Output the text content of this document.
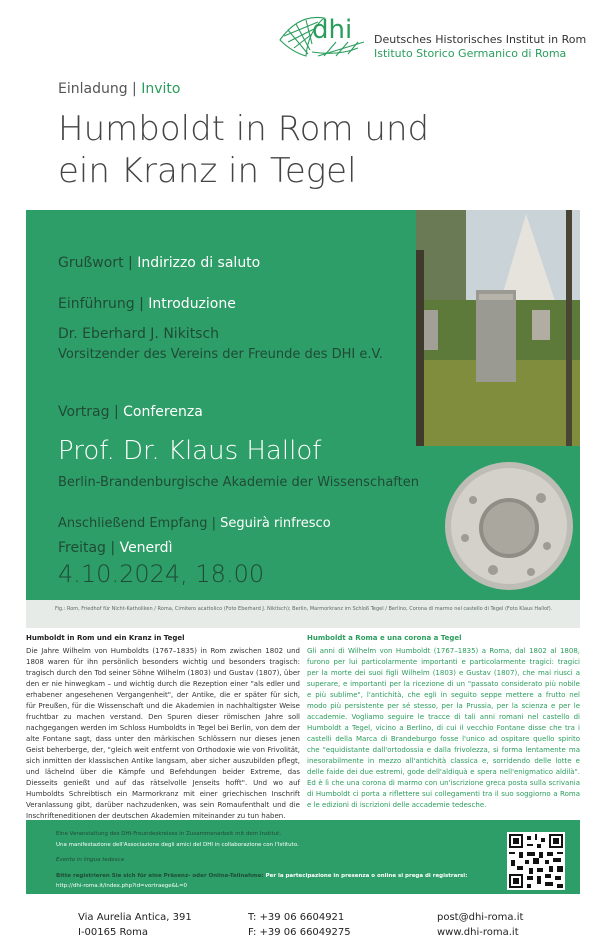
dhi Deutsches Historisches Institut in Rom
Istituto Storico Germanico di Roma
Einladung | Invito
Humboldt in Rom und ein Kranz in Tegel
Grußwort | Indirizzo di saluto
Einführung | Introduzione
Dr. Eberhard J. Nikitsch
Vorsitzender des Vereins der Freunde des DHI e.V.
Vortrag | Conferenza
Prof. Dr. Klaus Hallof
Berlin-Brandenburgische Akademie der Wissenschaften
Anschließend Empfang | Seguirà rinfresco
Freitag | Venerdì
4.10.2024, 18.00
Fig.: Rom, Friedhof für Nicht-Katholiken / Roma, Cimitero acattolico (Foto Eberhard J. Nikitsch); Berlin, Marmorkranz im Schloß Tegel / Berlino, Corona di marmo nel castello di Tegel (Foto Klaus Hallof).
Humboldt in Rom und ein Kranz in Tegel
Die Jahre Wilhelm von Humboldts (1767–1835) in Rom zwischen 1802 und 1808 waren für ihn persönlich besonders wichtig und besonders tragisch: tragisch durch den Tod seiner Söhne Wilhelm (1803) und Gustav (1807), über den er nie hinwegkam – und wichtig durch die Rezeption einer "als edler und erhabener angesehenen Vergangenheit", der Antike, die er später für sich, für Preußen, für die Wissenschaft und die Akademien in nachhaltigster Weise fruchtbar zu machen verstand. Den Spuren dieser römischen Jahre soll nachgegangen werden im Schloss Humboldts in Tegel bei Berlin, von dem der alte Fontane sagt, dass unter den märkischen Schlössern nur dieses jenen Geist beherberge, der, "gleich weit entfernt von Orthodoxie wie von Frivolität, sich inmitten der klassischen Antike langsam, aber sicher auszubilden pflegt, und lächelnd über die Kämpfe und Befehdungen beider Extreme, das Diesseits genießt und auf das rätselvolle Jenseits hofft". Und wo auf Humboldts Schreibtisch ein Marmorkranz mit einer griechischen Inschrift Veranlassung gibt, darüber nachzudenken, was sein Romaufenthalt und die Inschrifteneditionen der deutschen Akademien miteinander zu tun haben.
Humboldt a Roma e una corona a Tegel
Gli anni di Wilhelm von Humboldt (1767–1835) a Roma, dal 1802 al 1808, furono per lui particolarmente importanti e particolarmente tragici: tragici per la morte dei suoi figli Wilhelm (1803) e Gustav (1807), che mai riuscì a superare, e importanti per la ricezione di un "passato considerato più nobile e più sublime", l'antichità, che egli in seguito seppe mettere a frutto nel modo più persistente per sé stesso, per la Prussia, per la scienza e per le accademie. Vogliamo seguire le tracce di tali anni romani nel castello di Humboldt a Tegel, vicino a Berlino, di cui il vecchio Fontane disse che tra i castelli della Marca di Brandeburgo fosse l'unico ad ospitare quello spirito che "equidistante dall'ortodossia e dalla frivolezza, si forma lentamente ma inesorabilmente in mezzo all'antichità classica e, sorridendo delle lotte e delle faide dei due estremi, gode dell'aldiquà e spera nell'enigmatico aldilà". Ed è lì che una corona di marmo con un'iscrizione greca posta sulla scrivania di Humboldt ci porta a riflettere sui collegamenti tra il suo soggiorno a Roma e le edizioni di iscrizioni delle accademie tedesche.
Eine Veranstaltung des DHI-Freundeskreises in Zusammenarbeit mit dem Institut.
Una manifestazione dell'Associazione degli amici del DHI in collaborazione con l'Istituto.
Evento in lingua tedesca
Bitte registrieren Sie sich für eine Präsenz- oder Online-Teilnahme: Per la partecipazione in presenza o online si prega di registrarsi:
http://dhi-roma.it/index.php?id=vortraege&L=0
Via Aurelia Antica, 391
I-00165 Roma
T: +39 06 6604921
F: +39 06 66049275
post@dhi-roma.it
www.dhi-roma.it
